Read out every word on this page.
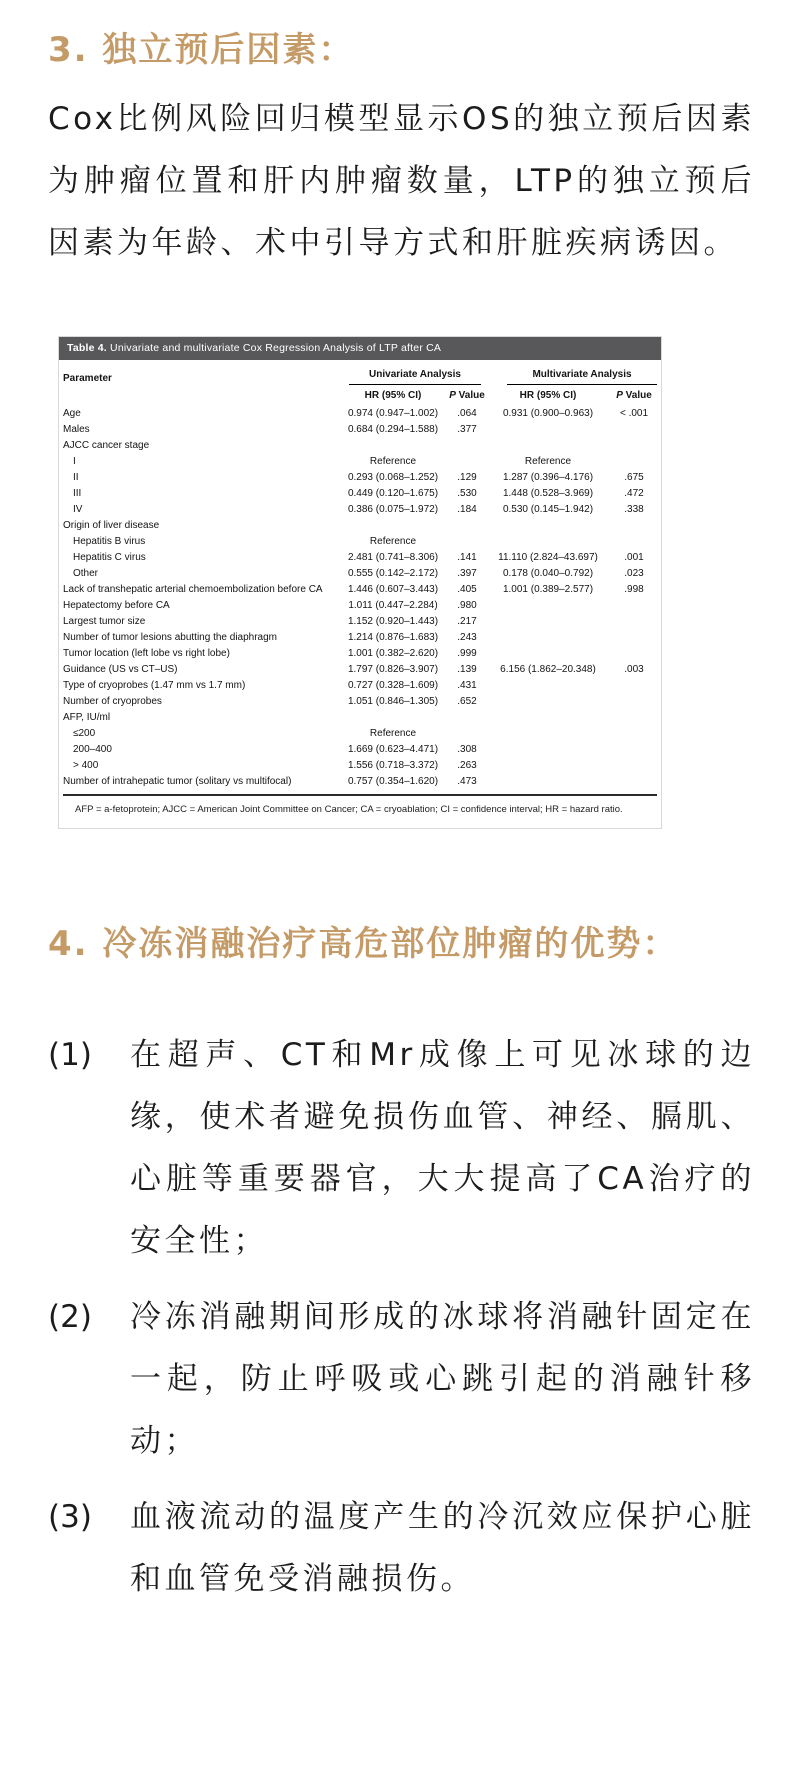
3. 独立预后因素：
Cox比例风险回归模型显示OS的独立预后因素为肿瘤位置和肝内肿瘤数量，LTP的独立预后因素为年龄、术中引导方式和肝脏疾病诱因。
Table 4. Univariate and multivariate Cox Regression Analysis of LTP after CA
Parameter	Univariate Analysis	Multivariate Analysis
HR (95% CI)	P Value	HR (95% CI)	P Value
Age	0.974 (0.947–1.002)	.064	0.931 (0.900–0.963)	< .001
Males	0.684 (0.294–1.588)	.377
AJCC cancer stage
I	Reference	Reference
II	0.293 (0.068–1.252)	.129	1.287 (0.396–4.176)	.675
III	0.449 (0.120–1.675)	.530	1.448 (0.528–3.969)	.472
IV	0.386 (0.075–1.972)	.184	0.530 (0.145–1.942)	.338
Origin of liver disease
Hepatitis B virus	Reference
Hepatitis C virus	2.481 (0.741–8.306)	.141	11.110 (2.824–43.697)	.001
Other	0.555 (0.142–2.172)	.397	0.178 (0.040–0.792)	.023
Lack of transhepatic arterial chemoembolization before CA	1.446 (0.607–3.443)	.405	1.001 (0.389–2.577)	.998
Hepatectomy before CA	1.011 (0.447–2.284)	.980
Largest tumor size	1.152 (0.920–1.443)	.217
Number of tumor lesions abutting the diaphragm	1.214 (0.876–1.683)	.243
Tumor location (left lobe vs right lobe)	1.001 (0.382–2.620)	.999
Guidance (US vs CT–US)	1.797 (0.826–3.907)	.139	6.156 (1.862–20.348)	.003
Type of cryoprobes (1.47 mm vs 1.7 mm)	0.727 (0.328–1.609)	.431
Number of cryoprobes	1.051 (0.846–1.305)	.652
AFP, IU/ml
≤200	Reference
200–400	1.669 (0.623–4.471)	.308
> 400	1.556 (0.718–3.372)	.263
Number of intrahepatic tumor (solitary vs multifocal)	0.757 (0.354–1.620)	.473
AFP = a-fetoprotein; AJCC = American Joint Committee on Cancer; CA = cryoablation; CI = confidence interval; HR = hazard ratio.
4. 冷冻消融治疗高危部位肿瘤的优势：
(1)	在超声、CT和Mr成像上可见冰球的边缘，使术者避免损伤血管、神经、膈肌、心脏等重要器官，大大提高了CA治疗的安全性；
(2)	冷冻消融期间形成的冰球将消融针固定在一起，防止呼吸或心跳引起的消融针移动；
(3)	血液流动的温度产生的冷沉效应保护心脏和血管免受消融损伤。
